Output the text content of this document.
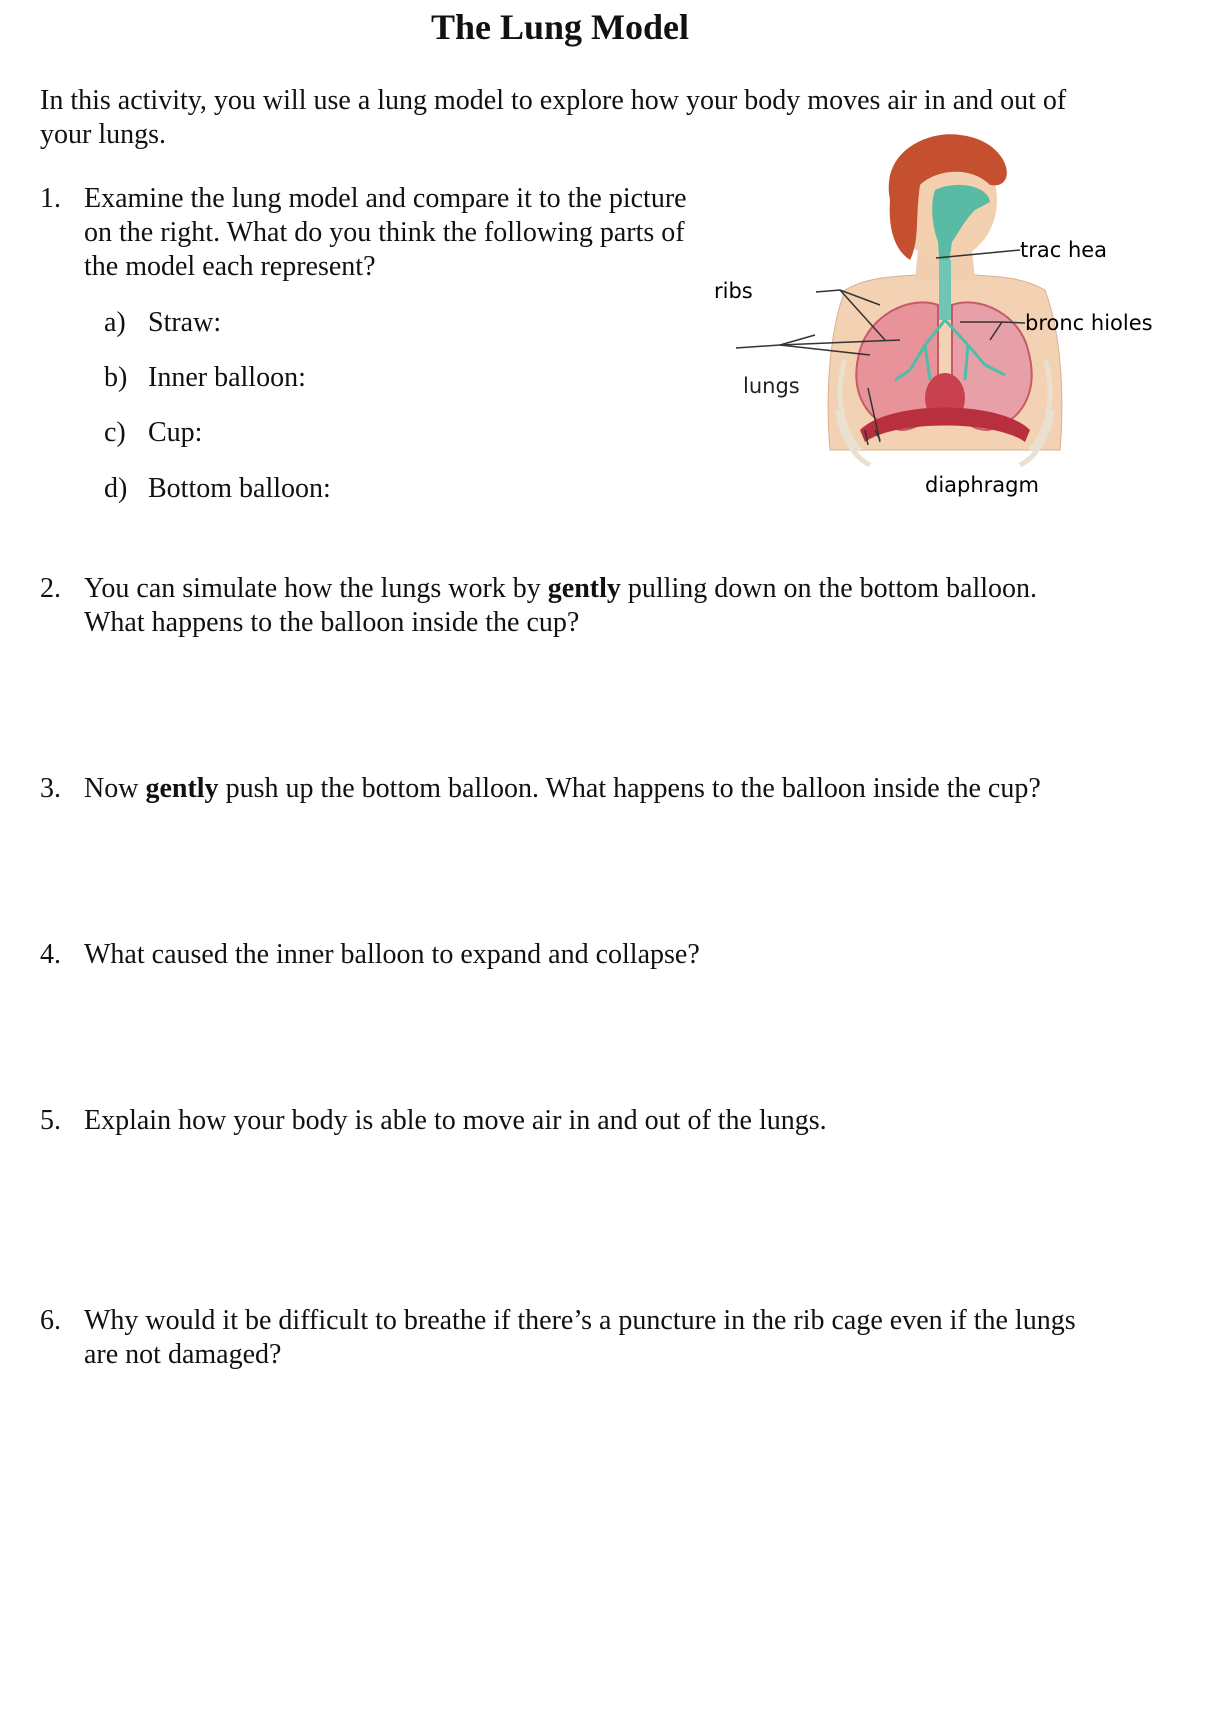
The Lung Model
In this activity, you will use a lung model to explore how your body moves air in and out of your lungs.
1. Examine the lung model and compare it to the picture
on the right. What do you think the following parts of
the model each represent?
a) Straw:
b) Inner balloon:
c) Cup:
d) Bottom balloon:
trac hea
ribs
bronc hioles
diaphragm
lungs
2. You can simulate how the lungs work by gently pulling down on the bottom balloon.
What happens to the balloon inside the cup?
3. Now gently push up the bottom balloon. What happens to the balloon inside the cup?
4. What caused the inner balloon to expand and collapse?
5. Explain how your body is able to move air in and out of the lungs.
6. Why would it be difficult to breathe if there’s a puncture in the rib cage even if the lungs
are not damaged?
